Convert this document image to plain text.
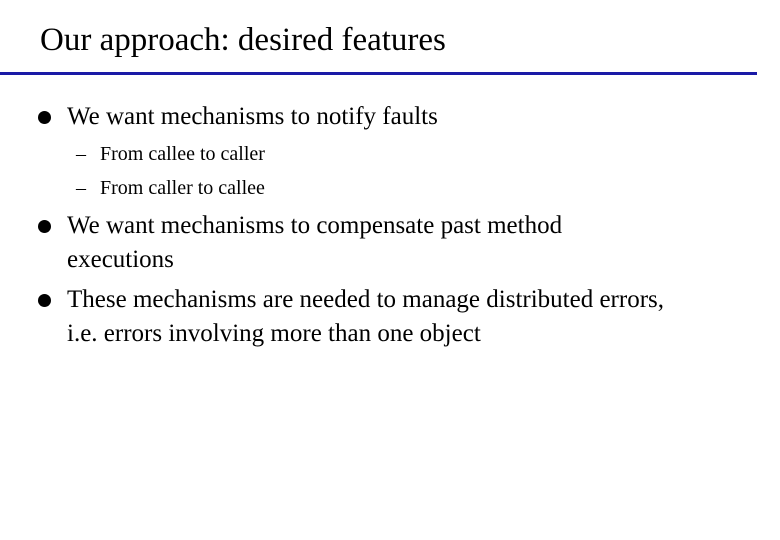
Our approach: desired features
We want mechanisms to notify faults
– From callee to caller
– From caller to callee
We want mechanisms to compensate past method executions
These mechanisms are needed to manage distributed errors, i.e. errors involving more than one object
